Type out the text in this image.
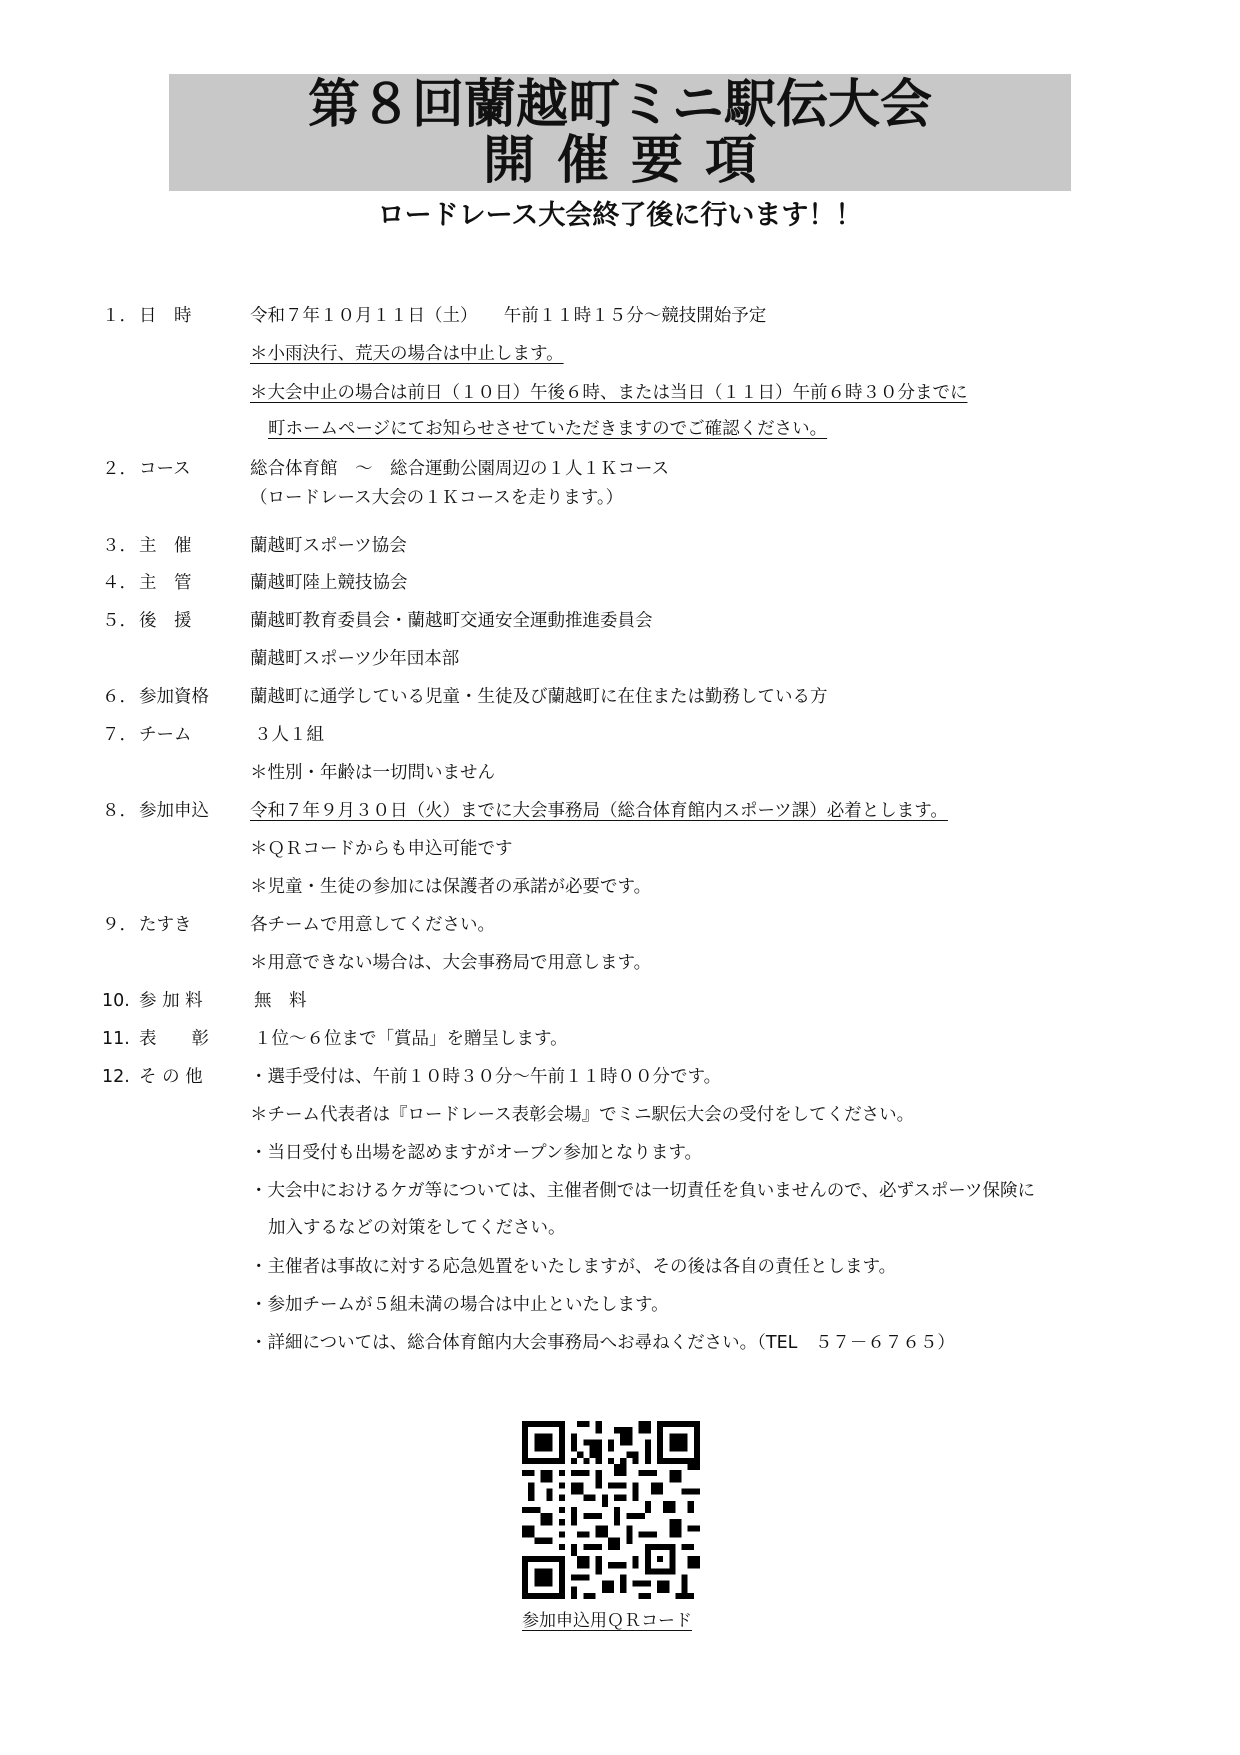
第８回蘭越町ミニ駅伝大会
開催要項
ロードレース大会終了後に行います！！
１． 日　時	令和７年１０月１１日（土）　　午前１１時１５分～競技開始予定
＊小雨決行、荒天の場合は中止します。
＊大会中止の場合は前日（１０日）午後６時、または当日（１１日）午前６時３０分までに
町ホームページにてお知らせさせていただきますのでご確認ください。
２． コース	総合体育館　～　総合運動公園周辺の１人１Ｋコース
（ロードレース大会の１Ｋコースを走ります。）
３． 主　催	蘭越町スポーツ協会
４． 主　管	蘭越町陸上競技協会
５． 後　援	蘭越町教育委員会・蘭越町交通安全運動推進委員会
蘭越町スポーツ少年団本部
６． 参加資格 蘭越町に通学している児童・生徒及び蘭越町に在住または勤務している方
７． チーム	３人１組
＊性別・年齢は一切問いません
８． 参加申込 令和７年９月３０日（火）までに大会事務局（総合体育館内スポーツ課）必着とします。
＊ＱＲコードからも申込可能です
＊児童・生徒の参加には保護者の承諾が必要です。
９． たすき	各チームで用意してください。
＊用意できない場合は、大会事務局で用意します。
10. 参 加 料	無　料
11. 表　　彰	１位～６位まで「賞品」を贈呈します。
12. そ の 他	・選手受付は、午前１０時３０分～午前１１時００分です。
＊チーム代表者は『ロードレース表彰会場』でミニ駅伝大会の受付をしてください。
・当日受付も出場を認めますがオープン参加となります。
・大会中におけるケガ等については、主催者側では一切責任を負いませんので、必ずスポーツ保険に
加入するなどの対策をしてください。
・主催者は事故に対する応急処置をいたしますが、その後は各自の責任とします。
・参加チームが５組未満の場合は中止といたします。
・詳細については、総合体育館内大会事務局へお尋ねください。（TEL　５７－６７６５）
参加申込用ＱＲコード
